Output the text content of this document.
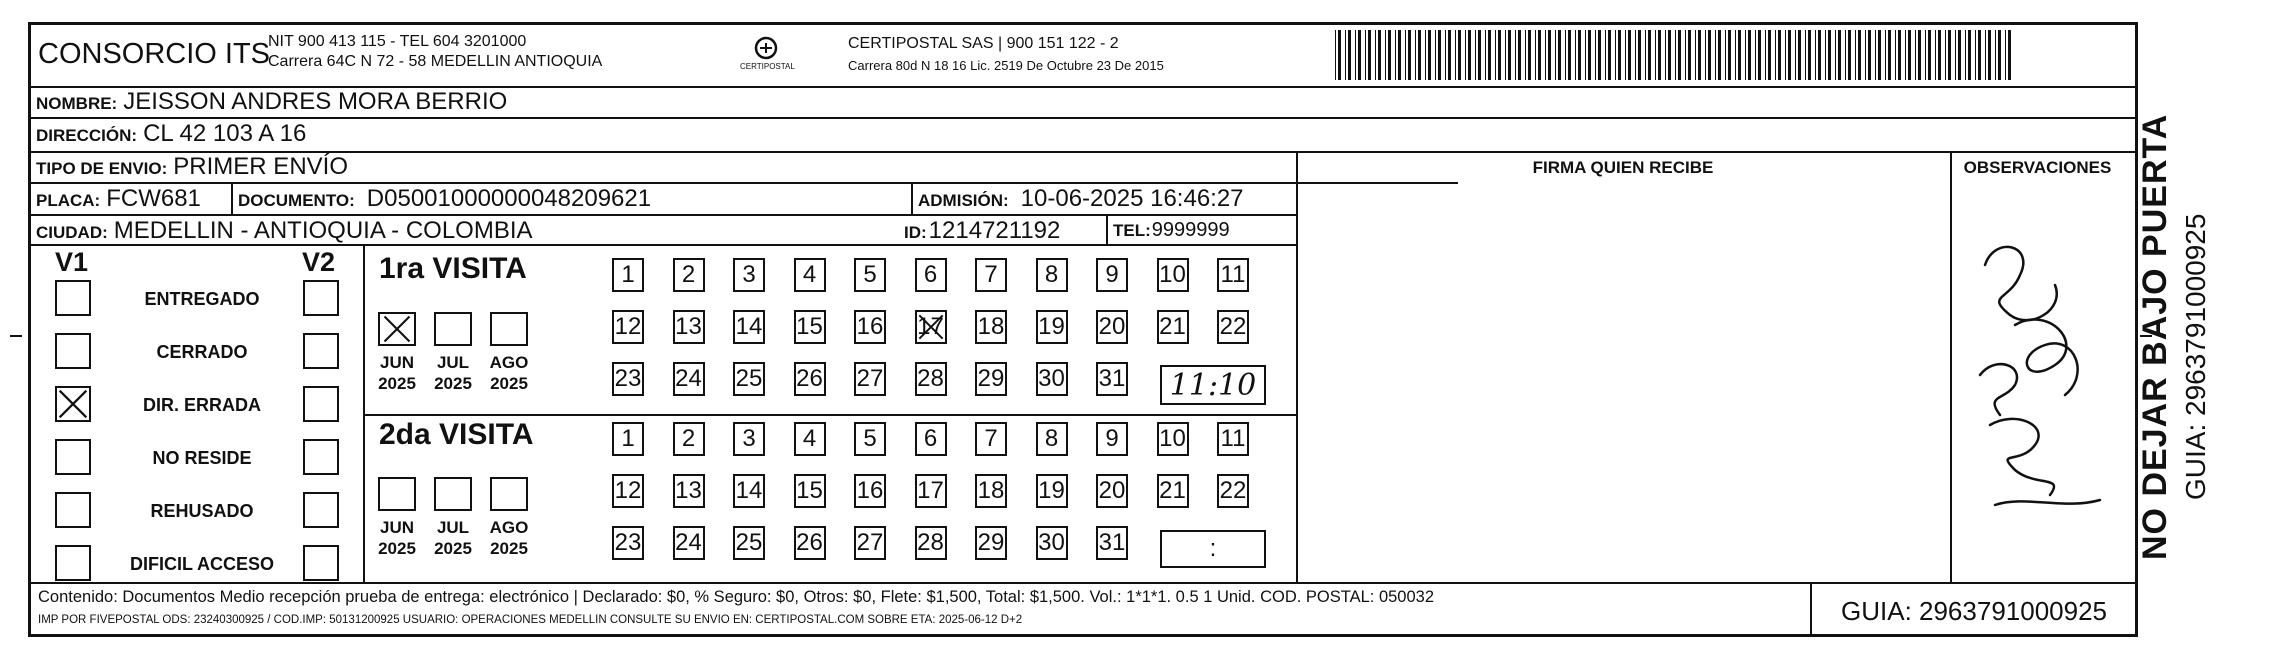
CONSORCIO ITS
NIT 900 413 115 - TEL 604 3201000
Carrera 64C N 72 - 58 MEDELLIN ANTIOQUIA	CERTIPOSTAL
CERTIPOSTAL SAS | 900 151 122 - 2
Carrera 80d N 18 16 Lic. 2519 De Octubre 23 De 2015
NOMBRE: JEISSON ANDRES MORA BERRIO
DIRECCIÓN: CL 42 103 A 16
TIPO DE ENVIO: PRIMER ENVÍO
PLACA: FCW681 DOCUMENTO: D05001000000048209621	ADMISIÓN: 10-06-2025 16:46:27
CIUDAD: MEDELLIN - ANTIOQUIA - COLOMBIA	ID: 1214721192	TEL: 9999999
FIRMA QUIEN RECIBE	OBSERVACIONES
V1	V2
ENTREGADO
CERRADO
DIR. ERRADA
NO RESIDE
REHUSADO
DIFICIL ACCESO
1ra VISITA
JUN
2025
JUL
2025
AGO
2025
1 2 3 4 5 6 7 8 9 10 11
12 13 14 15 16 17 18 19 20 21 22
23 24 25 26 27 28 29 30 31 11:10
2da VISITA
JUN
2025
JUL
2025
AGO
2025
1 2 3 4 5 6 7 8 9 10 11
12 13 14 15 16 17 18 19 20 21 22
23 24 25 26 27 28 29 30 31	:
Contenido: Documentos Medio recepción prueba de entrega: electrónico | Declarado: $0, % Seguro: $0, Otros: $0, Flete: $1,500, Total: $1,500. Vol.: 1*1*1. 0.5 1 Unid. COD. POSTAL: 050032
IMP POR FIVEPOSTAL ODS: 23240300925 / COD.IMP: 50131200925 USUARIO: OPERACIONES MEDELLIN CONSULTE SU ENVIO EN: CERTIPOSTAL.COM SOBRE ETA: 2025-06-12 D+2	GUIA: 2963791000925
NO DEJAR BAJO PUERTA GUIA: 2963791000925
